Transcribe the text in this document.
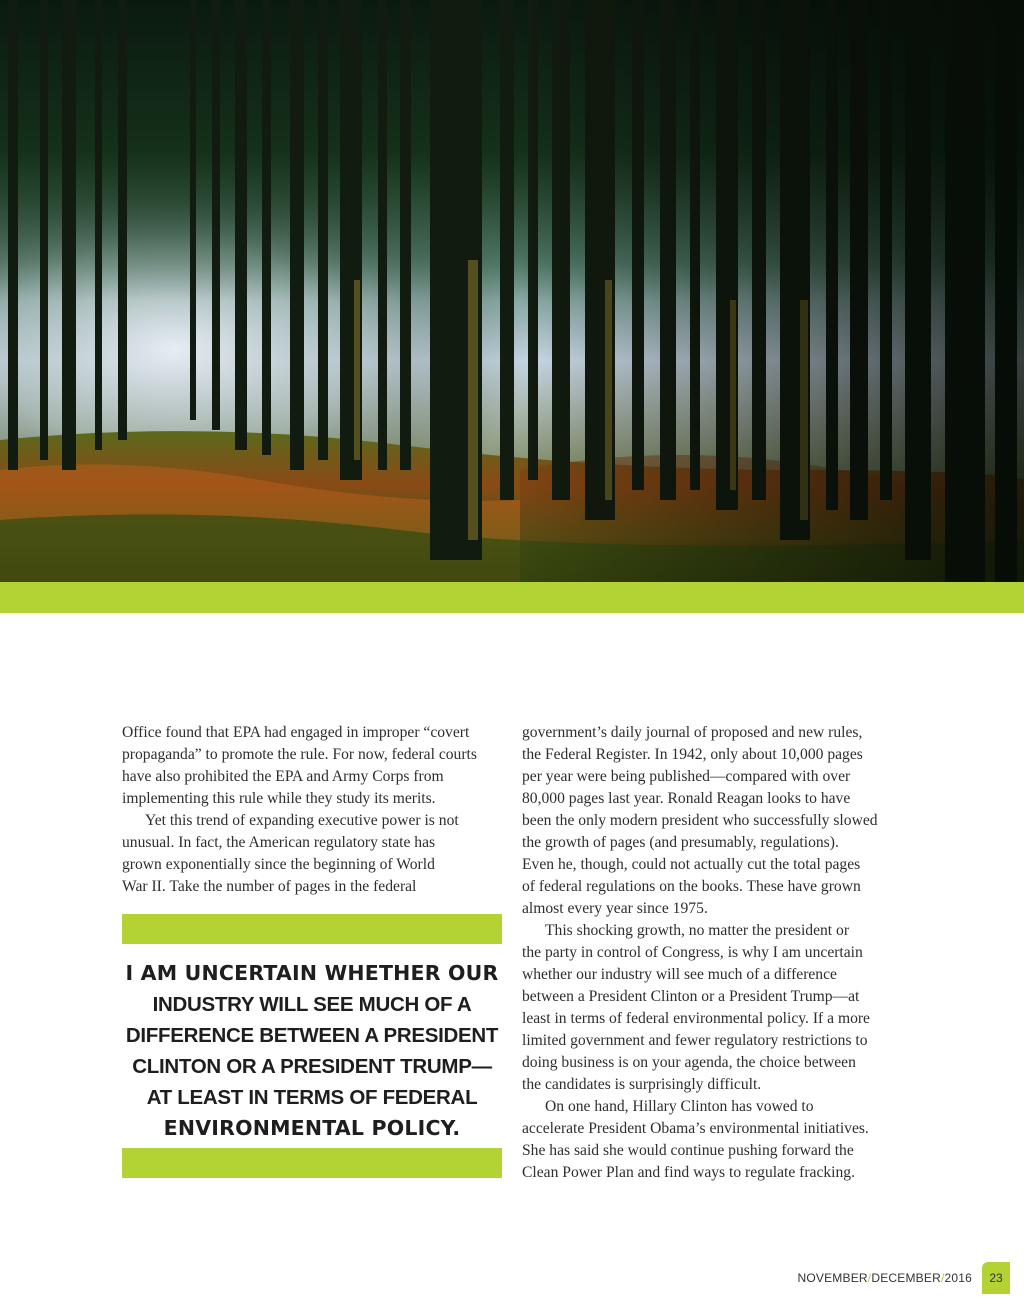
Office found that EPA had engaged in improper “covert
propaganda” to promote the rule. For now, federal courts
have also prohibited the EPA and Army Corps from
implementing this rule while they study its merits.

Yet this trend of expanding executive power is not
unusual. In fact, the American regulatory state has
grown exponentially since the beginning of World
War II. Take the number of pages in the federal

I AM UNCERTAIN WHETHER OUR
INDUSTRY WILL SEE MUCH OF A
DIFFERENCE BETWEEN A PRESIDENT
CLINTON OR A PRESIDENT TRUMP—
AT LEAST IN TERMS OF FEDERAL
ENVIRONMENTAL POLICY.

government’s daily journal of proposed and new rules,
the Federal Register. In 1942, only about 10,000 pages
per year were being published—compared with over
80,000 pages last year. Ronald Reagan looks to have
been the only modern president who successfully slowed
the growth of pages (and presumably, regulations).
Even he, though, could not actually cut the total pages
of federal regulations on the books. These have grown
almost every year since 1975.

This shocking growth, no matter the president or
the party in control of Congress, is why I am uncertain
whether our industry will see much of a difference
between a President Clinton or a President Trump—at
least in terms of federal environmental policy. If a more
limited government and fewer regulatory restrictions to
doing business is on your agenda, the choice between
the candidates is surprisingly difficult.

On one hand, Hillary Clinton has vowed to
accelerate President Obama’s environmental initiatives.
She has said she would continue pushing forward the
Clean Power Plan and find ways to regulate fracking.

NOVEMBER/DECEMBER/2016	23
